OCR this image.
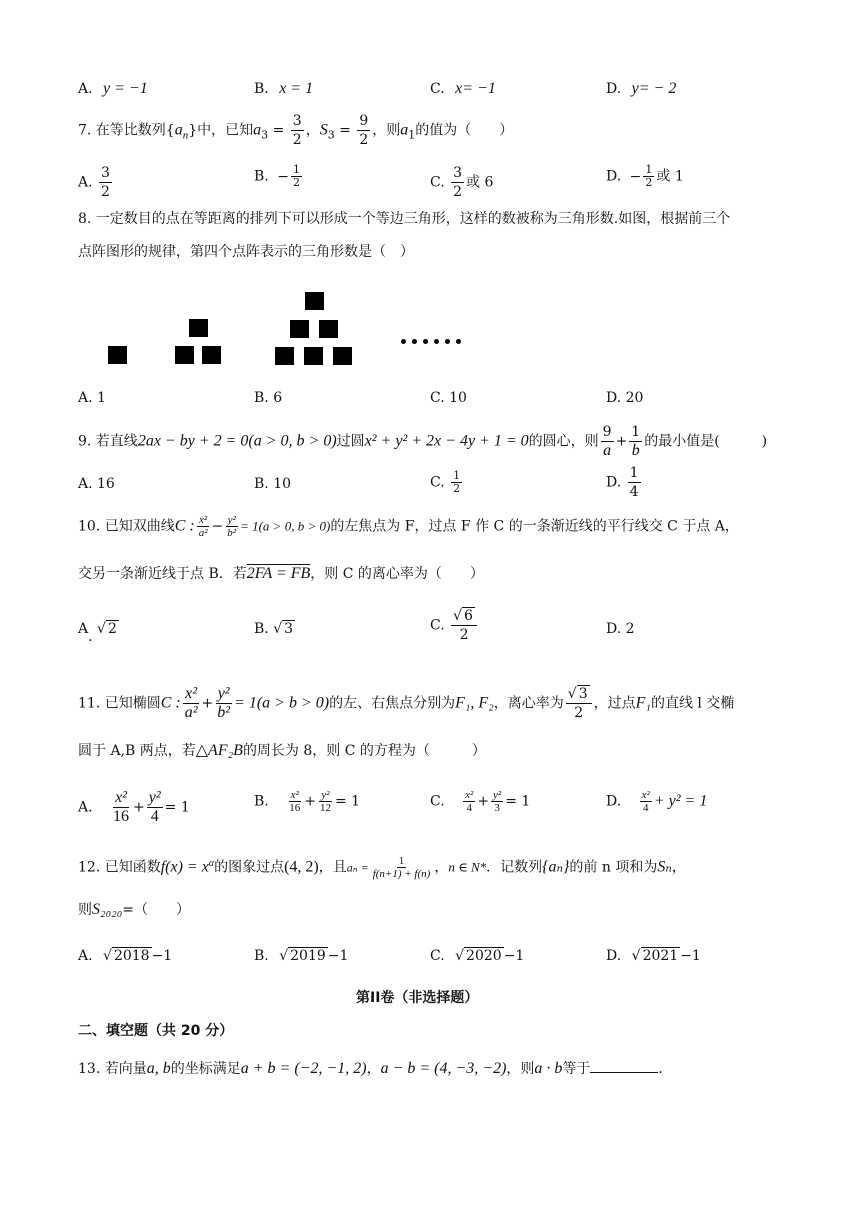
A. y = −1	B. x = 1	C. x= −1	D. y= − 2
7. 在等比数列$\{a_n\}$中，已知$a_3 = \frac{3}{2}$ ，$S_3 = \frac{9}{2}$ ，则$a_1$的值为（　　）
A. $\frac{3}{2}$	B. − $\frac{1}{2}$	C. $\frac{3}{2}$ 或 6	D. − $\frac{1}{2}$ 或 1
8. 一定数目的点在等距离的排列下可以形成一个等边三角形，这样的数被称为三角形数.如图，根据前三个
点阵图形的规律，第四个点阵表示的三角形数是（　）
A. 1	B. 6	C. 10	D. 20
9. 若直线2ax − by + 2 = 0(a > 0, b > 0)过圆x² + y² + 2x − 4y + 1 = 0的圆心，则 $\frac{9}{a} + \frac{1}{b}$ 的最小值是(　　　)
A. 16	B. 10	C. $\frac{1}{2}$	D. $\frac{1}{4}$
10. 已知双曲线C : $\frac{\text{x²}}{\text{a²}} - \frac{\text{y²}}{\text{b²}} = 1(a > 0$, b > 0)的左焦点为 F，过点 F 作 C 的一条渐近线的平行线交 C 于点 A，
交另一条渐近线于点 B．若2FA = FB，则 C 的离心率为（　　）
A. √ 2	B. √ 3	C. $\frac{√ 6}{2}$	D. 2
11. 已知椭圆C : $\frac{\text{x²}}{\text{a²}} + \frac{\text{y²}}{\text{b²}} = 1(a > b > 0)$的左、右焦点分别为F₁, F₂，离心率为 $\frac{√ 3}{2}$ ，过点F₁的直线 l 交椭
圆于 A,B 两点，若△AF₂B的周长为 8，则 C 的方程为（　　　）
A. $\frac{\text{x²}}{16} + \frac{\text{y²}}{4} = 1$	B. $\frac{\text{x²}}{16} + \frac{\text{y²}}{12} = 1$	C. $\frac{\text{x²}}{4} + \frac{\text{y²}}{3} = 1$	D. $\frac{\text{x²}}{4} + y^2 = 1$
12. 已知函数$f(x) = x^\alpha$的图象过点(4, 2)，且$a_n = \frac{1}{f(n+1) + f(n)}$ ，n ∈ N*．记数列{aₙ}的前 n 项和为Sₙ，
则S₂₀₂₀=（　　）
A. √ 2018 −1	B. √ 2019 −1	C. √ 2020 −1	D. √ 2021 −1
第II卷（非选择题）
二、填空题（共 20 分）
13. 若向量a, b的坐标满足a + b = (−2, −1, 2)，a − b = (4, −3, −2)，则a · b等于	.
